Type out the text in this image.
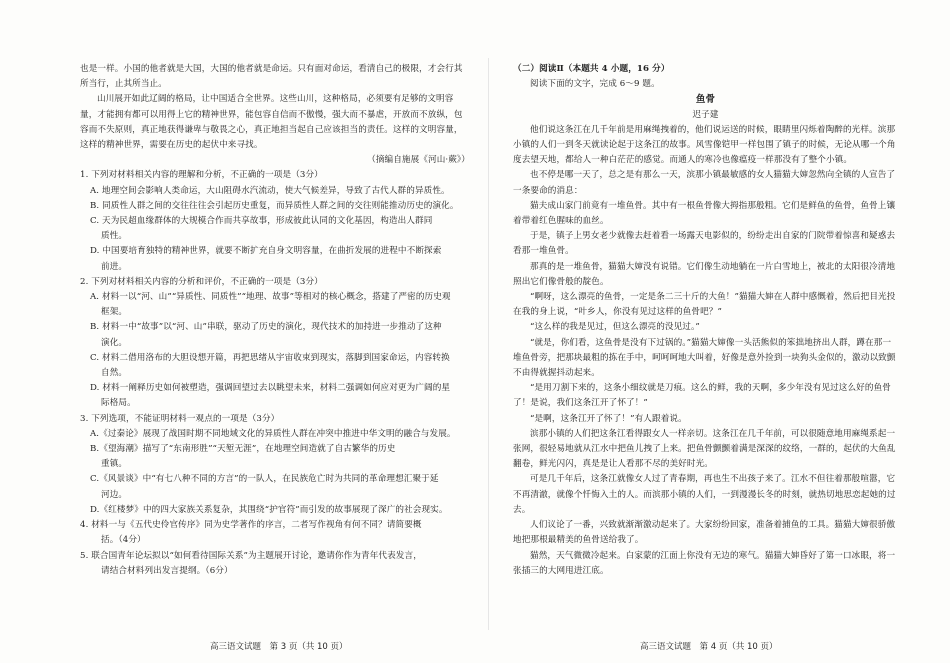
也是一样。小国的他者就是大国，大国的他者就是命运。只有面对命运，看清自己的极限，才会行其所当行，止其所当止。

山川展开如此辽阔的格局，让中国适合全世界。这些山川，这种格局，必须要有足够的文明容量，才能拥有都可以用得上它的精神世界，能包容自信而不傲慢，强大而不暴虐，开放而不放纵，包容而不失原则，真正地获得谦卑与敬畏之心，真正地担当起自己应该担当的责任。这样的文明容量，这样的精神世界，需要在历史的起伏中来寻找。

（摘编自施展《河山·蕨》）

1. 下列对材料相关内容的理解和分析，不正确的一项是（3分）

A. 地理空间会影响人类命运，大山阻碍水汽流动，使大气候差异，导致了古代人群的异质性。

B. 同质性人群之间的交往往往会引起历史重复，而异质性人群之间的交往则能推动历史的演化。

C. 天为民超血缘群体的大规模合作而共享故事，形成彼此认同的文化基因，构造出人群同

质性。

D. 中国要培育独特的精神世界，就要不断扩充自身文明容量，在曲折发展的进程中不断探索

前进。

2. 下列对材料相关内容的分析和评价，不正确的一项是（3分）

A. 材料一以“河、山”“异质性、同质性”“地理、故事”等相对的核心概念，搭建了严密的历史观

框架。

B. 材料一中“故事”以“河、山”串联，驱动了历史的演化，现代技术的加持进一步推动了这种

演化。

C. 材料二借用洛布的大胆设想开篇，再把思绪从宇宙收束到现实，落脚到国家命运，内容转换

自然。

D. 材料一阐释历史如何被塑造，强调回望过去以眺望未来，材料二强调如何应对更为广阔的星

际格局。

3. 下列选项，不能证明材料一观点的一项是（3分）

A.《过秦论》展现了战国时期不同地域文化的异质性人群在冲突中推进中华文明的融合与发展。

B.《望海潮》描写了“东南形胜”“天堑无涯”，在地理空间造就了自古繁华的历史

重镇。

C.《风景谈》中“有七八种不同的方言”的一队人，在民族危亡时为共同的革命理想汇聚于延

河边。

D.《红楼梦》中的四大家族关系复杂，其围绕“护官符”而引发的故事展现了深广的社会现实。

4. 材料一与《五代史伶官传序》同为史学著作的序言，二者写作视角有何不同？请简要概

括。（4分）

5. 联合国青年论坛拟以“如何看待国际关系”为主题展开讨论，邀请你作为青年代表发言，

请结合材料列出发言提纲。（6分）

（二）阅读Ⅱ（本题共 4 小题，16 分）

阅读下面的文字，完成 6～9 题。

鱼骨

迟子建

他们说这条江在几千年前是用麻绳拽着的，他们说运送的时候，眼睛里闪烁着陶醉的光样。滨那小镇的人们一到冬天就读论起于这条江的故事。风雪像铠甲一样包围了镇子的时候，无论从哪一个角度去望天地，都给人一种白茫茫的感觉。而通人的寒冷也像瘟疫一样那没有了整个小镇。

也不停是哪一天了，总之是有那么一天，滨那小镇最敏感的女人猫猫大婶忽然向全镇的人宣告了一条要命的消息：

猫夫成山家门前竟有一堆鱼骨。其中有一根鱼骨像大拇指那般粗。它们是鲜鱼的鱼骨，鱼骨上镶着带着红色腥味的血丝。

于是，镇子上男女老少就像去赶着看一场露天电影似的，纷纷走出自家的门院带着惊喜和疑惑去看那一堆鱼骨。

那真的是一堆鱼骨，猫猫大婶没有说错。它们像生动地躺在一片白雪地上，被北的太阳很冷清地照出它们像骨般的靛色。

“啊呀，这么漂亮的鱼骨，一定是条二三十斤的大鱼！”猫猫大婶在人群中感慨着，然后把目光投在我的身上说，“叶乡人，你没有见过这样的鱼骨吧？”

“这么样的我是见过，但这么漂亮的没见过。”

“就是，你们看，这鱼骨是没有下过锅的。”猫猫大婶像一头活熊似的笨拙地挤出人群，蹲在那一堆鱼骨旁，把那块最粗的拣在手中，呵呵呵地大叫着，好像是意外捡到一块狗头金似的，激动以致颤不由得就握抖动起来。

“是用刀割下来的，这条小细纹就是刀痕。这么的鲜，我的天啊，多少年没有见过这么好的鱼骨了！是说，我们这条江开了怀了！”

“是啊，这条江开了怀了！”有人跟着说。

滨那小镇的人们把这条江看得跟女人一样亲切。这条江在几千年前，可以很随意地用麻绳系起一张网，很轻易地就从江水中把鱼儿拽了上来。把鱼骨颤颤着满是深深的纹络，一群的，起伏的大鱼乱翻卷，鲜光闪闪，真是是让人看那不尽的美好时光。

可是几千年后，这条江就像女人过了青春期，再也生不出孩子来了。江水不但往着那般喧嚣，它不再清澈，就像个忏悔入土的人。而滨那小镇的人们，一到漫漫长冬的时刻，就热切地思恋起她的过去。

人们议论了一番，兴致就渐渐激动起来了。大家纷纷回家，准备着捕鱼的工具。猫猫大婶很骄傲地把那根最精美的鱼骨送给我了。

猫然，天气微微冷起来。白家蒙的江面上你没有无边的寒气。猫猫大婶昏好了第一口冰眼，将一张插三的大网甩进江底。

高三语文试题　第 3 页（共 10 页）	高三语文试题　第 4 页（共 10 页）
